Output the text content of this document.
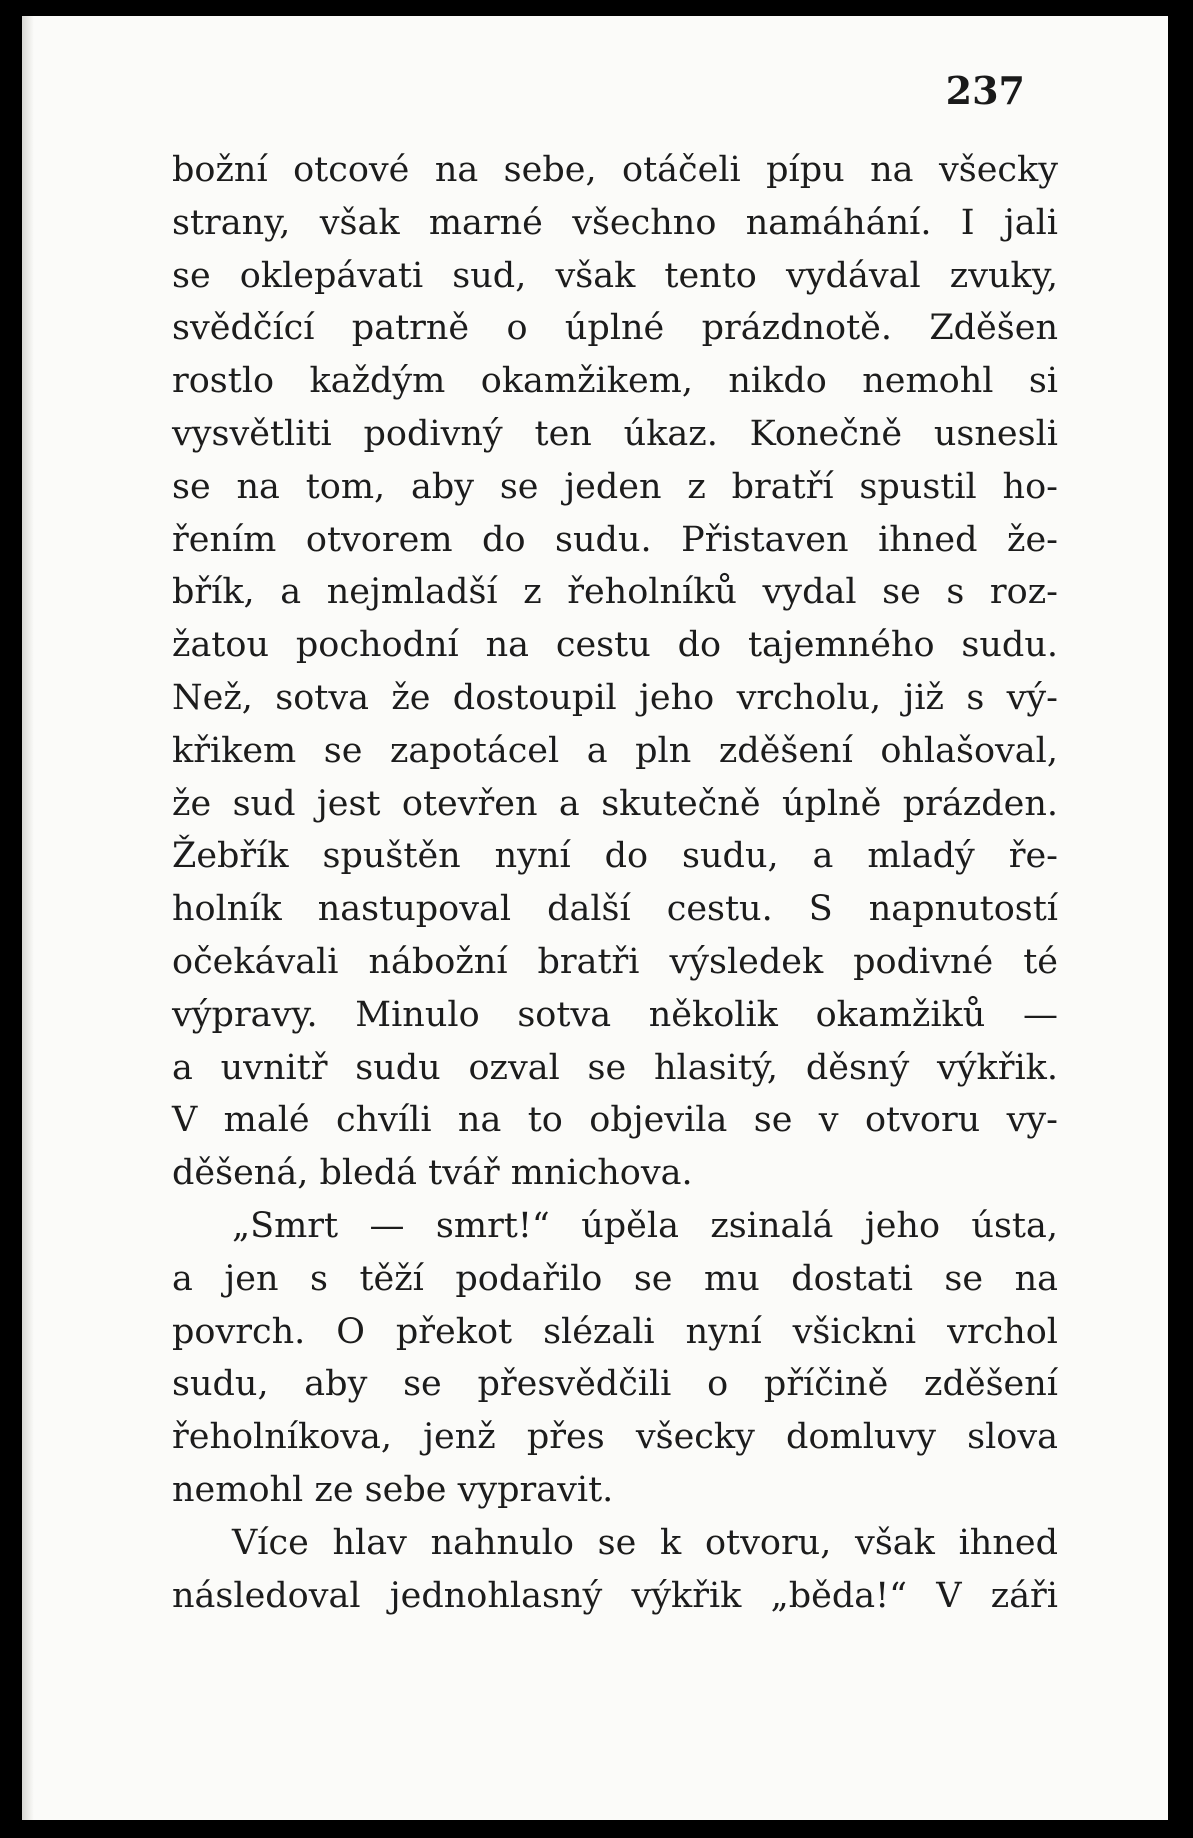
237
božní otcové na sebe, otáčeli pípu na všecky
strany, však marné všechno namáhání. I jali
se oklepávati sud, však tento vydával zvuky,
svědčící patrně o úplné prázdnotě. Zděšen
rostlo každým okamžikem, nikdo nemohl si
vysvětliti podivný ten úkaz. Konečně usnesli
se na tom, aby se jeden z bratří spustil ho-
řením otvorem do sudu. Přistaven ihned že-
břík, a nejmladší z řeholníků vydal se s roz-
žatou pochodní na cestu do tajemného sudu.
Než, sotva že dostoupil jeho vrcholu, již s vý-
křikem se zapotácel a pln zděšení ohlašoval,
že sud jest otevřen a skutečně úplně prázden.
Žebřík spuštěn nyní do sudu, a mladý ře-
holník nastupoval další cestu. S napnutostí
očekávali nábožní bratři výsledek podivné té
výpravy. Minulo sotva několik okamžiků —
a uvnitř sudu ozval se hlasitý, děsný výkřik.
V malé chvíli na to objevila se v otvoru vy-
děšená, bledá tvář mnichova.
„Smrt — smrt!“ úpěla zsinalá jeho ústa,
a jen s těží podařilo se mu dostati se na
povrch. O překot slézali nyní všickni vrchol
sudu, aby se přesvědčili o příčině zděšení
řeholníkova, jenž přes všecky domluvy slova
nemohl ze sebe vypravit.
Více hlav nahnulo se k otvoru, však ihned
následoval jednohlasný výkřik „běda!“ V záři
